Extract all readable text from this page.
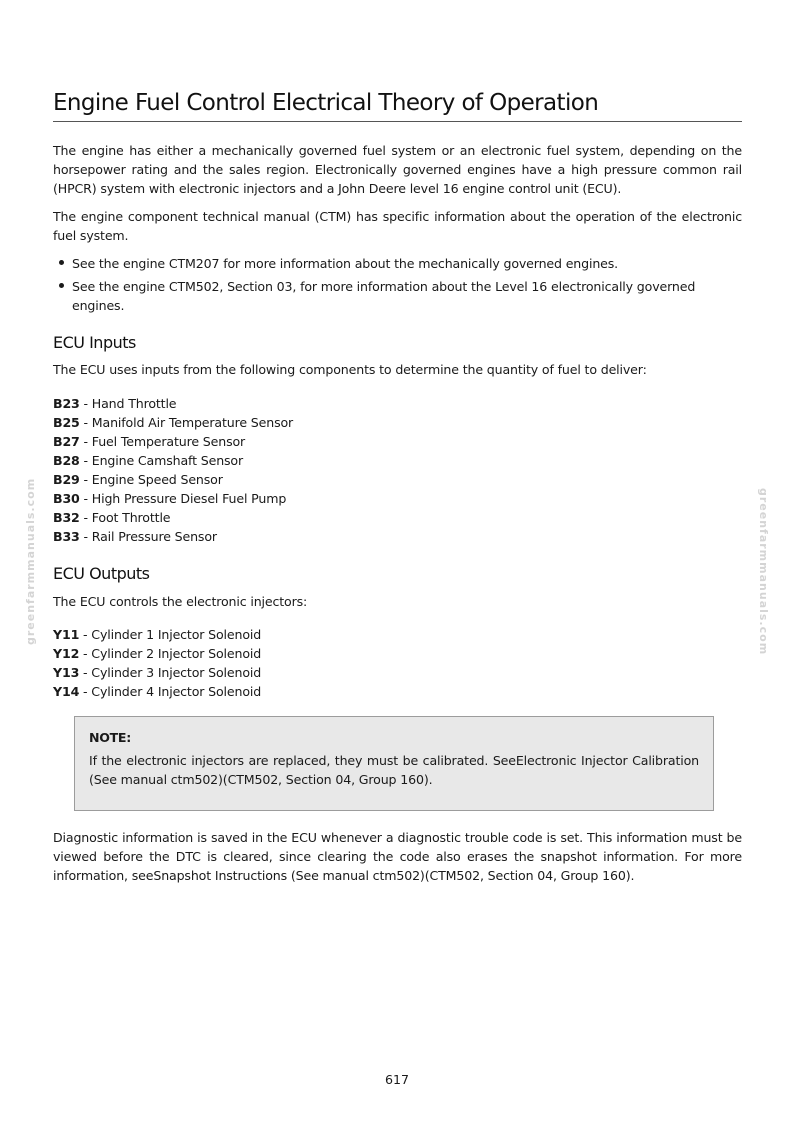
greenfarmmanuals.com	greenfarmmanuals.com
Engine Fuel Control Electrical Theory of Operation

The engine has either a mechanically governed fuel system or an electronic fuel system, depending on the horsepower rating and the sales region. Electronically governed engines have a high pressure common rail (HPCR) system with electronic injectors and a John Deere level 16 engine control unit (ECU).

The engine component technical manual (CTM) has specific information about the operation of the electronic fuel system.

See the engine CTM207 for more information about the mechanically governed engines.
See the engine CTM502, Section 03, for more information about the Level 16 electronically governed engines.
ECU Inputs

The ECU uses inputs from the following components to determine the quantity of fuel to deliver:

B23 - Hand Throttle
B25 - Manifold Air Temperature Sensor
B27 - Fuel Temperature Sensor
B28 - Engine Camshaft Sensor
B29 - Engine Speed Sensor
B30 - High Pressure Diesel Fuel Pump
B32 - Foot Throttle
B33 - Rail Pressure Sensor
ECU Outputs

The ECU controls the electronic injectors:

Y11 - Cylinder 1 Injector Solenoid
Y12 - Cylinder 2 Injector Solenoid
Y13 - Cylinder 3 Injector Solenoid
Y14 - Cylinder 4 Injector Solenoid
NOTE:
If the electronic injectors are replaced, they must be calibrated. SeeElectronic Injector Calibration (See manual ctm502)(CTM502, Section 04, Group 160).

Diagnostic information is saved in the ECU whenever a diagnostic trouble code is set. This information must be viewed before the DTC is cleared, since clearing the code also erases the snapshot information. For more information, seeSnapshot Instructions (See manual ctm502)(CTM502, Section 04, Group 160).

617
